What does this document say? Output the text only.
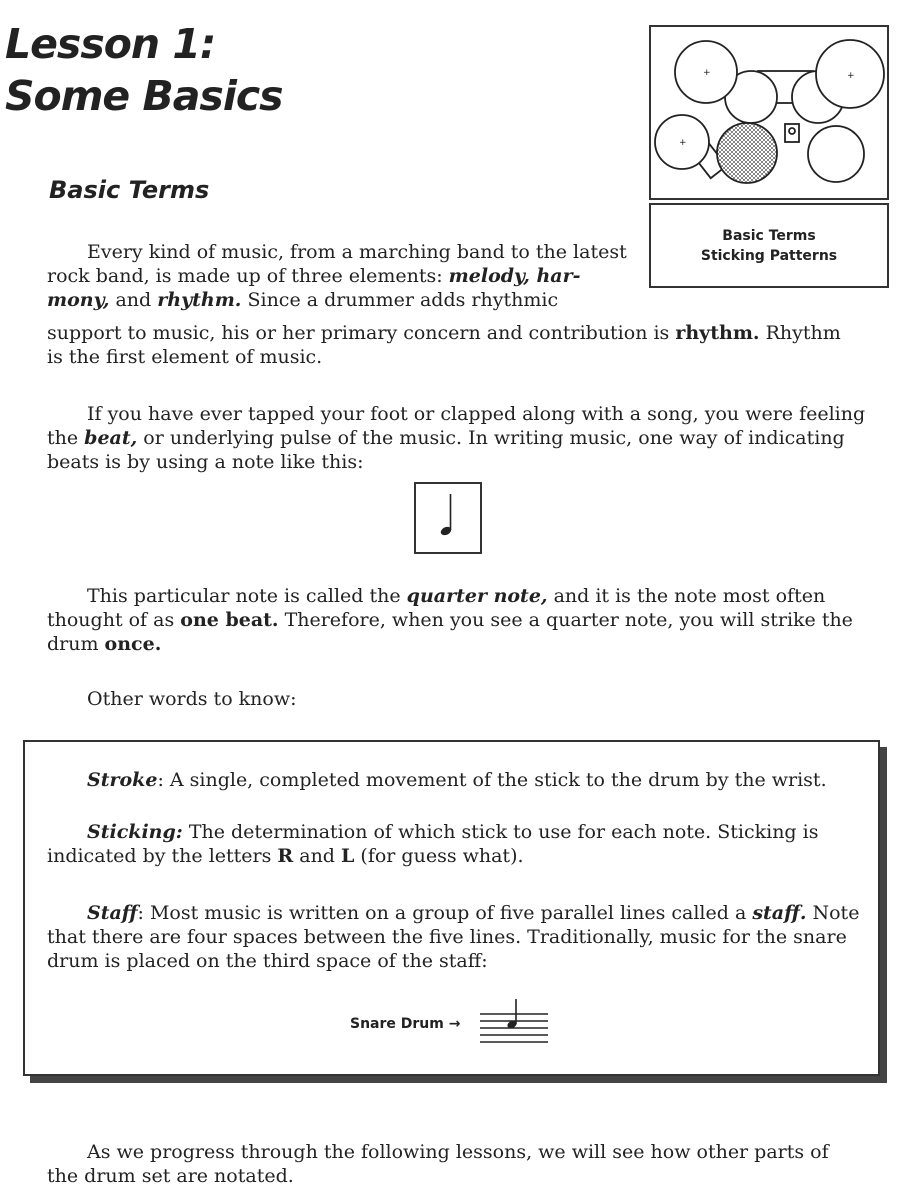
Lesson 1:
Some Basics	+	+
+
Basic Terms
Sticking Patterns
Basic Terms
Every kind of music, from a marching band to the latest
rock band, is made up of three elements: melody, har-
mony, and rhythm. Since a drummer adds rhythmic
support to music, his or her primary concern and contribution is rhythm. Rhythm
is the first element of music.
If you have ever tapped your foot or clapped along with a song, you were feeling
the beat, or underlying pulse of the music. In writing music, one way of indicating
beats is by using a note like this:
This particular note is called the quarter note, and it is the note most often
thought of as one beat. Therefore, when you see a quarter note, you will strike the
drum once.
Other words to know:
Stroke: A single, completed movement of the stick to the drum by the wrist.
Sticking: The determination of which stick to use for each note. Sticking is
indicated by the letters R and L (for guess what).
Staff: Most music is written on a group of five parallel lines called a staff. Note
that there are four spaces between the five lines. Traditionally, music for the snare
drum is placed on the third space of the staff:
Snare Drum →
As we progress through the following lessons, we will see how other parts of
the drum set are notated.
